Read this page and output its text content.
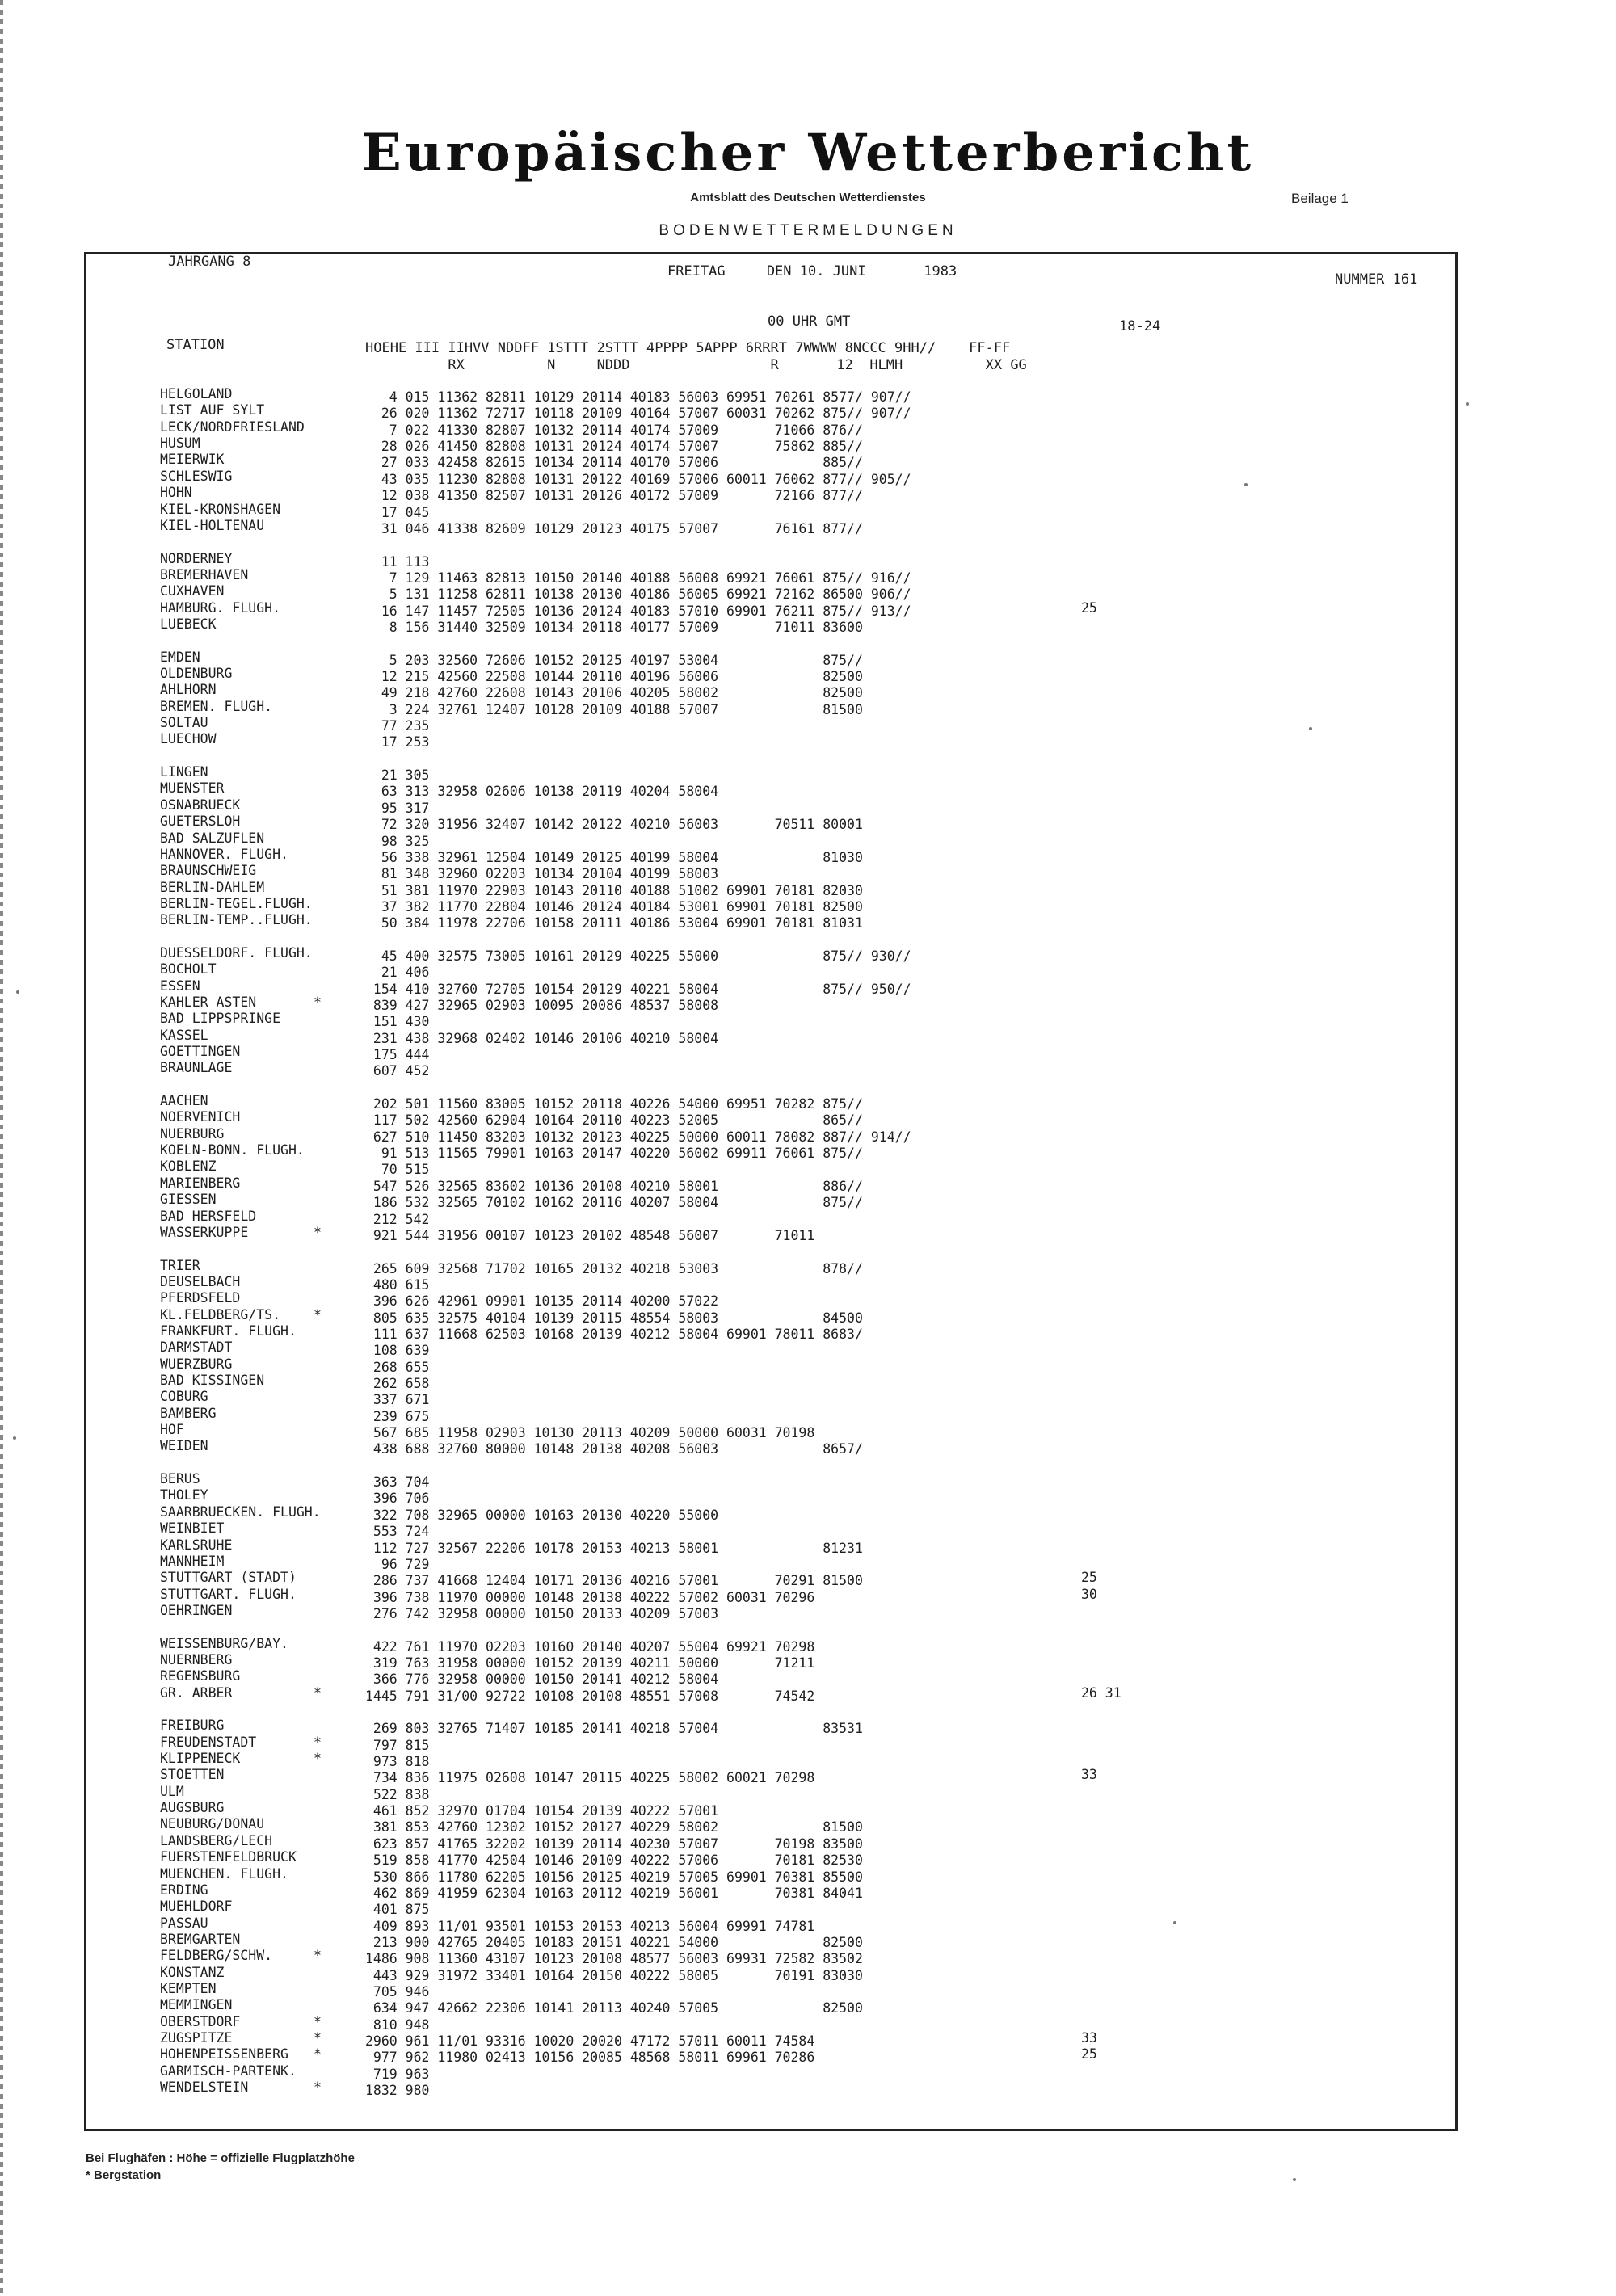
Europäischer Wetterbericht
Amtsblatt des Deutschen Wetterdienstes	Beilage 1
BODENWETTERMELDUNGEN
JAHRGANG 8
FREITAG     DEN 10. JUNI       1983	NUMMER 161
00 UHR GMT	18-24
STATION	HOEHE III IIHVV NDDFF 1STTT 2STTT 4PPPP 5APPP 6RRRT 7WWWW 8NCCC 9HH//    FF-FF
RX          N     NDDD                 R       12  HLMH          XX GG
HELGOLAND	4 015 11362 82811 10129 20114 40183 56003 69951 70261 8577/ 907//
LIST AUF SYLT	26 020 11362 72717 10118 20109 40164 57007 60031 70262 875// 907//
LECK/NORDFRIESLAND	7 022 41330 82807 10132 20114 40174 57009       71066 876//
HUSUM	28 026 41450 82808 10131 20124 40174 57007       75862 885//
MEIERWIK	27 033 42458 82615 10134 20114 40170 57006             885//
SCHLESWIG	43 035 11230 82808 10131 20122 40169 57006 60011 76062 877// 905//
HOHN	12 038 41350 82507 10131 20126 40172 57009       72166 877//
KIEL-KRONSHAGEN	17 045
KIEL-HOLTENAU	31 046 41338 82609 10129 20123 40175 57007       76161 877//
NORDERNEY	11 113
BREMERHAVEN	7 129 11463 82813 10150 20140 40188 56008 69921 76061 875// 916//
CUXHAVEN	5 131 11258 62811 10138 20130 40186 56005 69921 72162 86500 906//
HAMBURG. FLUGH.	16 147 11457 72505 10136 20124 40183 57010 69901 76211 875// 913//	25
LUEBECK	8 156 31440 32509 10134 20118 40177 57009       71011 83600
EMDEN	5 203 32560 72606 10152 20125 40197 53004             875//
OLDENBURG	12 215 42560 22508 10144 20110 40196 56006             82500
AHLHORN	49 218 42760 22608 10143 20106 40205 58002             82500
BREMEN. FLUGH.	3 224 32761 12407 10128 20109 40188 57007             81500
SOLTAU	77 235
LUECHOW	17 253
LINGEN	21 305
MUENSTER	63 313 32958 02606 10138 20119 40204 58004
OSNABRUECK	95 317
GUETERSLOH	72 320 31956 32407 10142 20122 40210 56003       70511 80001
BAD SALZUFLEN	98 325
HANNOVER. FLUGH.	56 338 32961 12504 10149 20125 40199 58004             81030
BRAUNSCHWEIG	81 348 32960 02203 10134 20104 40199 58003
BERLIN-DAHLEM	51 381 11970 22903 10143 20110 40188 51002 69901 70181 82030
BERLIN-TEGEL.FLUGH.	37 382 11770 22804 10146 20124 40184 53001 69901 70181 82500
BERLIN-TEMP..FLUGH.	50 384 11978 22706 10158 20111 40186 53004 69901 70181 81031
DUESSELDORF. FLUGH.	45 400 32575 73005 10161 20129 40225 55000             875// 930//
BOCHOLT	21 406
ESSEN	154 410 32760 72705 10154 20129 40221 58004             875// 950//
KAHLER ASTEN	*	839 427 32965 02903 10095 20086 48537 58008
BAD LIPPSPRINGE	151 430
KASSEL	231 438 32968 02402 10146 20106 40210 58004
GOETTINGEN	175 444
BRAUNLAGE	607 452
AACHEN	202 501 11560 83005 10152 20118 40226 54000 69951 70282 875//
NOERVENICH	117 502 42560 62904 10164 20110 40223 52005             865//
NUERBURG	627 510 11450 83203 10132 20123 40225 50000 60011 78082 887// 914//
KOELN-BONN. FLUGH.	91 513 11565 79901 10163 20147 40220 56002 69911 76061 875//
KOBLENZ	70 515
MARIENBERG	547 526 32565 83602 10136 20108 40210 58001             886//
GIESSEN	186 532 32565 70102 10162 20116 40207 58004             875//
BAD HERSFELD	212 542
WASSERKUPPE	*	921 544 31956 00107 10123 20102 48548 56007       71011
TRIER	265 609 32568 71702 10165 20132 40218 53003             878//
DEUSELBACH	480 615
PFERDSFELD	396 626 42961 09901 10135 20114 40200 57022
KL.FELDBERG/TS. *	805 635 32575 40104 10139 20115 48554 58003             84500
FRANKFURT. FLUGH.	111 637 11668 62503 10168 20139 40212 58004 69901 78011 8683/
DARMSTADT	108 639
WUERZBURG	268 655
BAD KISSINGEN	262 658
COBURG	337 671
BAMBERG	239 675
HOF	567 685 11958 02903 10130 20113 40209 50000 60031 70198
WEIDEN	438 688 32760 80000 10148 20138 40208 56003             8657/
BERUS	363 704
THOLEY	396 706
SAARBRUECKEN. FLUGH.	322 708 32965 00000 10163 20130 40220 55000
WEINBIET	553 724
KARLSRUHE	112 727 32567 22206 10178 20153 40213 58001             81231
MANNHEIM	96 729
STUTTGART (STADT)	286 737 41668 12404 10171 20136 40216 57001       70291 81500	25
STUTTGART. FLUGH.	396 738 11970 00000 10148 20138 40222 57002 60031 70296	30
OEHRINGEN	276 742 32958 00000 10150 20133 40209 57003
WEISSENBURG/BAY.	422 761 11970 02203 10160 20140 40207 55004 69921 70298
NUERNBERG	319 763 31958 00000 10152 20139 40211 50000       71211
REGENSBURG	366 776 32958 00000 10150 20141 40212 58004
GR. ARBER	*	1445 791 31/00 92722 10108 20108 48551 57008       74542	26 31
FREIBURG	269 803 32765 71407 10185 20141 40218 57004             83531
FREUDENSTADT	*	797 815
KLIPPENECK	*	973 818
STOETTEN	734 836 11975 02608 10147 20115 40225 58002 60021 70298	33
ULM	522 838
AUGSBURG	461 852 32970 01704 10154 20139 40222 57001
NEUBURG/DONAU	381 853 42760 12302 10152 20127 40229 58002             81500
LANDSBERG/LECH	623 857 41765 32202 10139 20114 40230 57007       70198 83500
FUERSTENFELDBRUCK	519 858 41770 42504 10146 20109 40222 57006       70181 82530
MUENCHEN. FLUGH.	530 866 11780 62205 10156 20125 40219 57005 69901 70381 85500
ERDING	462 869 41959 62304 10163 20112 40219 56001       70381 84041
MUEHLDORF	401 875
PASSAU	409 893 11/01 93501 10153 20153 40213 56004 69991 74781
BREMGARTEN	213 900 42765 20405 10183 20151 40221 54000             82500
FELDBERG/SCHW.	*	1486 908 11360 43107 10123 20108 48577 56003 69931 72582 83502
KONSTANZ	443 929 31972 33401 10164 20150 40222 58005       70191 83030
KEMPTEN	705 946
MEMMINGEN	634 947 42662 22306 10141 20113 40240 57005             82500
OBERSTDORF	*	810 948
ZUGSPITZE	*	2960 961 11/01 93316 10020 20020 47172 57011 60011 74584	33
HOHENPEISSENBERG *	977 962 11980 02413 10156 20085 48568 58011 69961 70286	25
GARMISCH-PARTENK.	719 963
WENDELSTEIN	*	1832 980
Bei Flughäfen : Höhe = offizielle Flugplatzhöhe
* Bergstation
